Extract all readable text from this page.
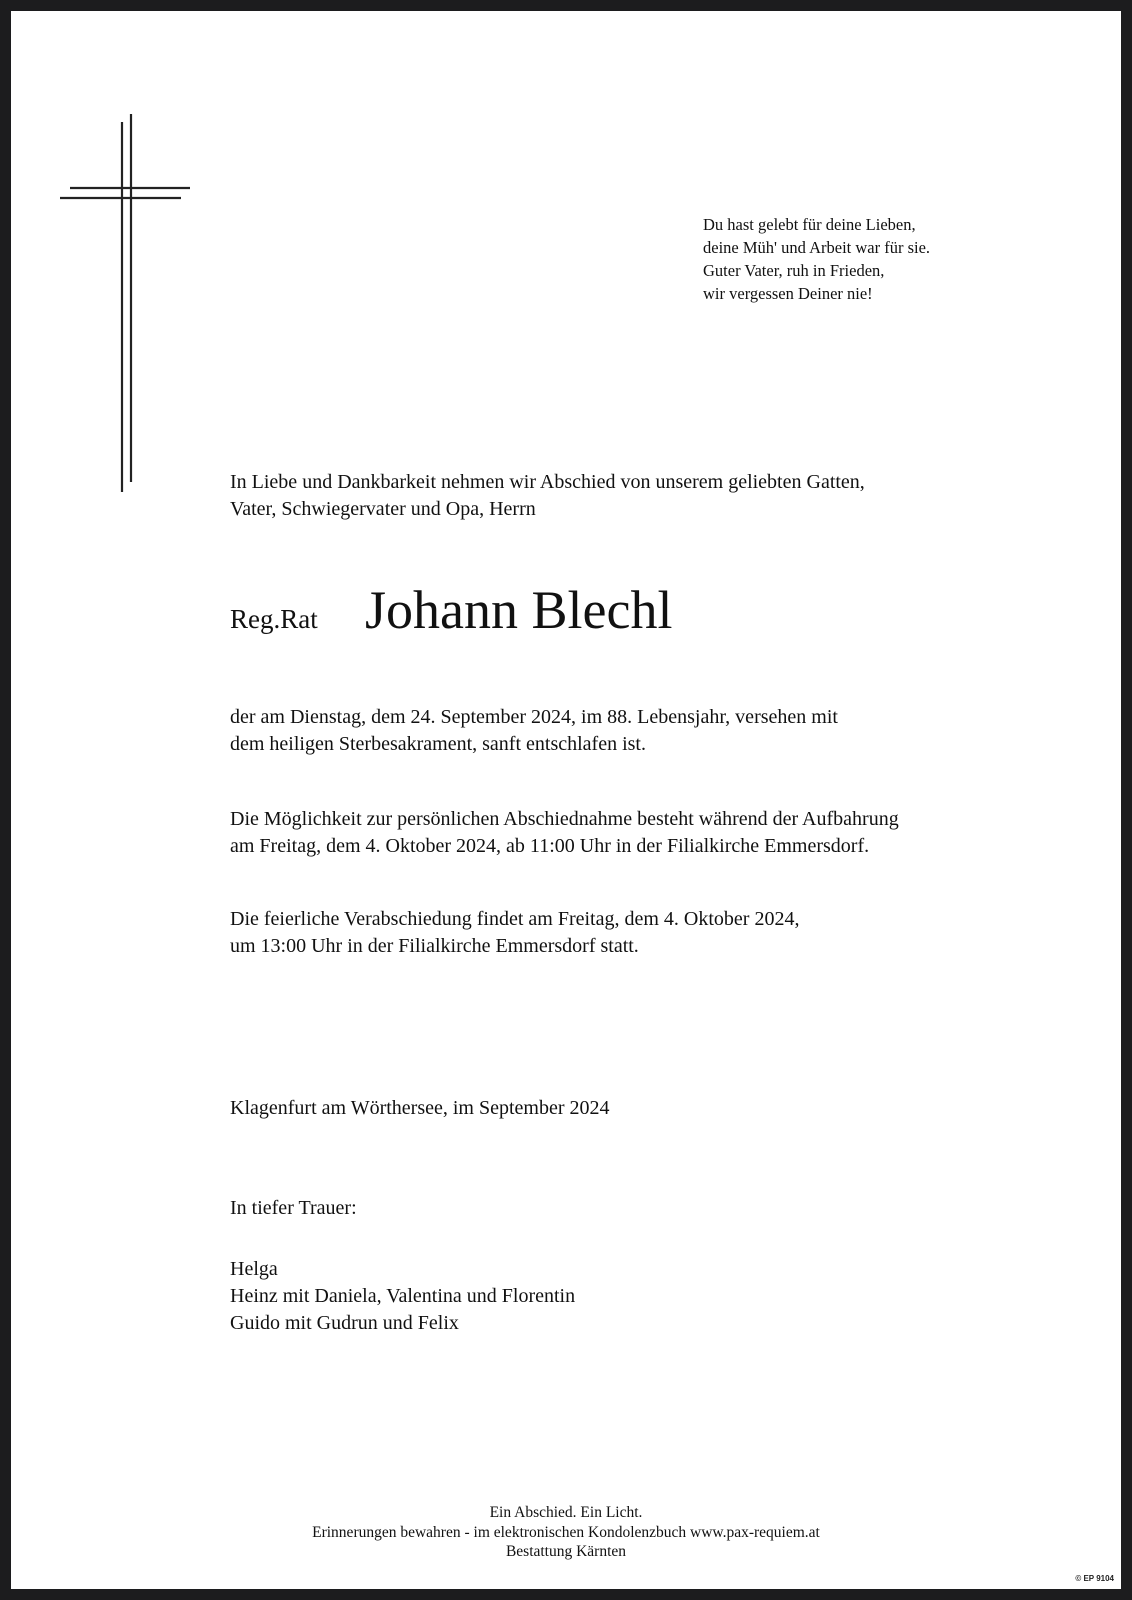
Du hast gelebt für deine Lieben,
deine Müh' und Arbeit war für sie.
Guter Vater, ruh in Frieden,
wir vergessen Deiner nie!
In Liebe und Dankbarkeit nehmen wir Abschied von unserem geliebten Gatten,
Vater, Schwiegervater und Opa, Herrn
Reg.Rat Johann Blechl
der am Dienstag, dem 24. September 2024, im 88. Lebensjahr, versehen mit
dem heiligen Sterbesakrament, sanft entschlafen ist.
Die Möglichkeit zur persönlichen Abschiednahme besteht während der Aufbahrung
am Freitag, dem 4. Oktober 2024, ab 11:00 Uhr in der Filialkirche Emmersdorf.
Die feierliche Verabschiedung findet am Freitag, dem 4. Oktober 2024,
um 13:00 Uhr in der Filialkirche Emmersdorf statt.
Klagenfurt am Wörthersee, im September 2024
In tiefer Trauer:
Helga
Heinz mit Daniela, Valentina und Florentin
Guido mit Gudrun und Felix
Ein Abschied. Ein Licht.
Erinnerungen bewahren - im elektronischen Kondolenzbuch www.pax-requiem.at
Bestattung Kärnten
© EP 9104
